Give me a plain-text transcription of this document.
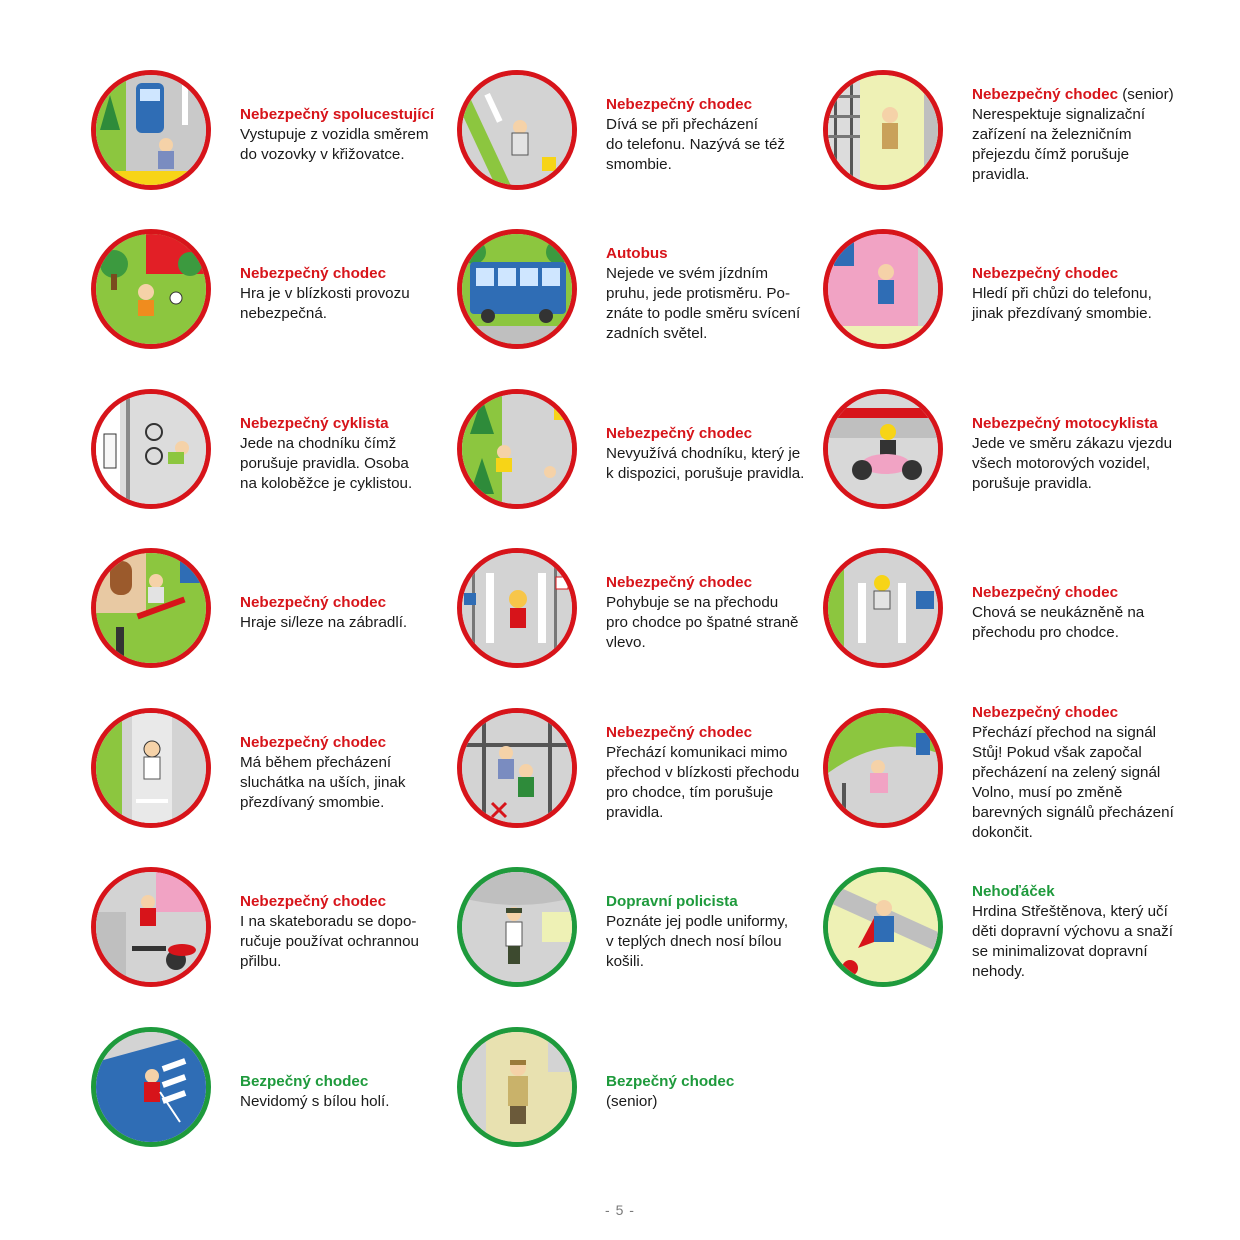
Nebezpečný spolucestující
Vystupuje z vozidla směrem
do vozovky v křižovatce.
Nebezpečný chodec
Dívá se při přecházení
do telefonu. Nazývá se též
smombie.
Nebezpečný chodec (senior)
Nerespektuje signalizační
zařízení na železničním
přejezdu čímž porušuje
pravidla.
Nebezpečný chodec
Hra je v blízkosti provozu
nebezpečná.
Autobus
Nejede ve svém jízdním
pruhu, jede protisměru. Po-
znáte to podle směru svícení
zadních světel.
Nebezpečný chodec
Hledí při chůzi do telefonu,
jinak přezdívaný smombie.
Nebezpečný cyklista
Jede na chodníku čímž
porušuje pravidla. Osoba
na koloběžce je cyklistou.
Nebezpečný chodec
Nevyužívá chodníku, který je
k dispozici, porušuje pravidla.
Nebezpečný motocyklista
Jede ve směru zákazu vjezdu
všech motorových vozidel,
porušuje pravidla.
Nebezpečný chodec
Hraje si/leze na zábradlí.
Nebezpečný chodec
Pohybuje se na přechodu
pro chodce po špatné straně
vlevo.
Nebezpečný chodec
Chová se neukázněně na
přechodu pro chodce.
Nebezpečný chodec
Má během přecházení
sluchátka na uších, jinak
přezdívaný smombie.
Nebezpečný chodec
Přechází komunikaci mimo
přechod v blízkosti přechodu
pro chodce, tím porušuje
pravidla.
Nebezpečný chodec
Přechází přechod na signál
Stůj! Pokud však započal
přecházení na zelený signál
Volno, musí po změně
barevných signálů přecházení
dokončit.
Nebezpečný chodec
I na skateboradu se dopo-
ručuje používat ochrannou
přilbu.
Dopravní policista
Poznáte jej podle uniformy,
v teplých dnech nosí bílou
košili.
Nehoďáček
Hrdina Střeštěnova, který učí
děti dopravní výchovu a snaží
se minimalizovat dopravní
nehody.
Bezpečný chodec
Nevidomý s bílou holí.
Bezpečný chodec
(senior)
- 5 -
